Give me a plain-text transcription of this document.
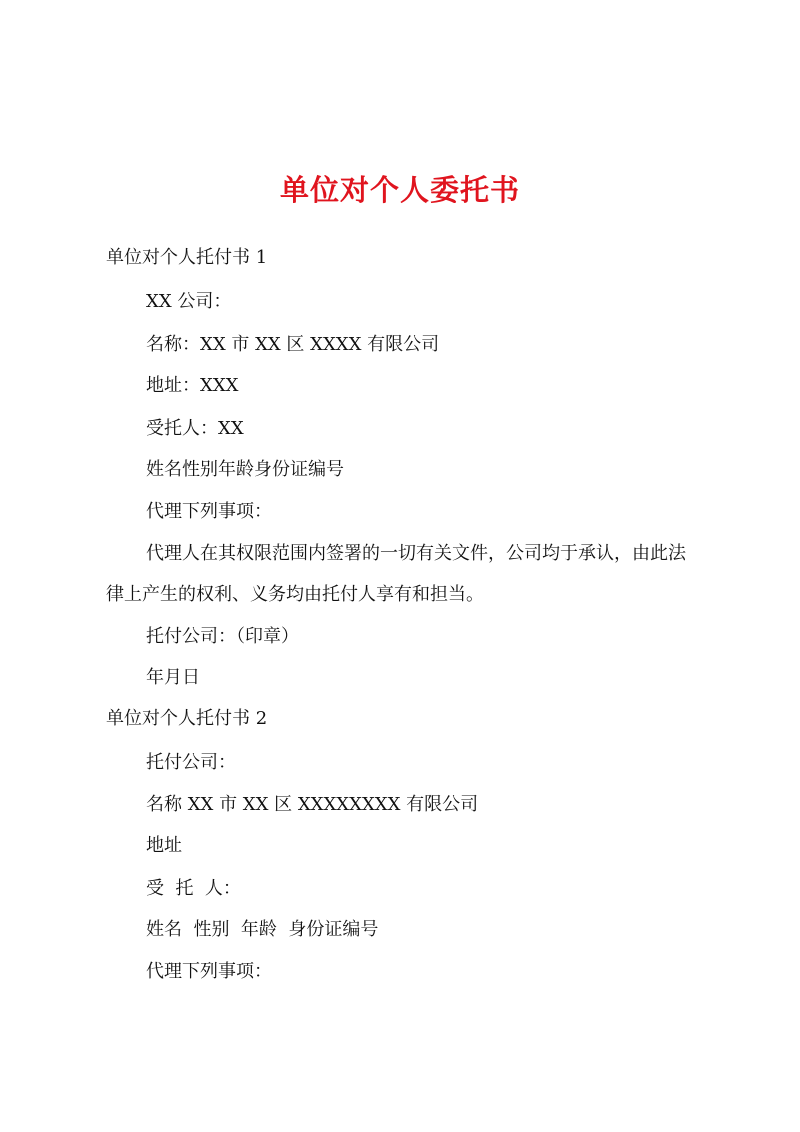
单位对个人委托书
单位对个人托付书 1
XX 公司：
名称：XX 市 XX 区 XXXX 有限公司
地址：XXX
受托人：XX
姓名性别年龄身份证编号
代理下列事项：
代理人在其权限范围内签署的一切有关文件，公司均于承认，由此法
律上产生的权利、义务均由托付人享有和担当。
托付公司：（印章）
年月日
单位对个人托付书 2
托付公司：
名称 XX 市 XX 区 XXXXXXXX 有限公司
地址
受  托  人：
姓名  性别  年龄  身份证编号
代理下列事项：
